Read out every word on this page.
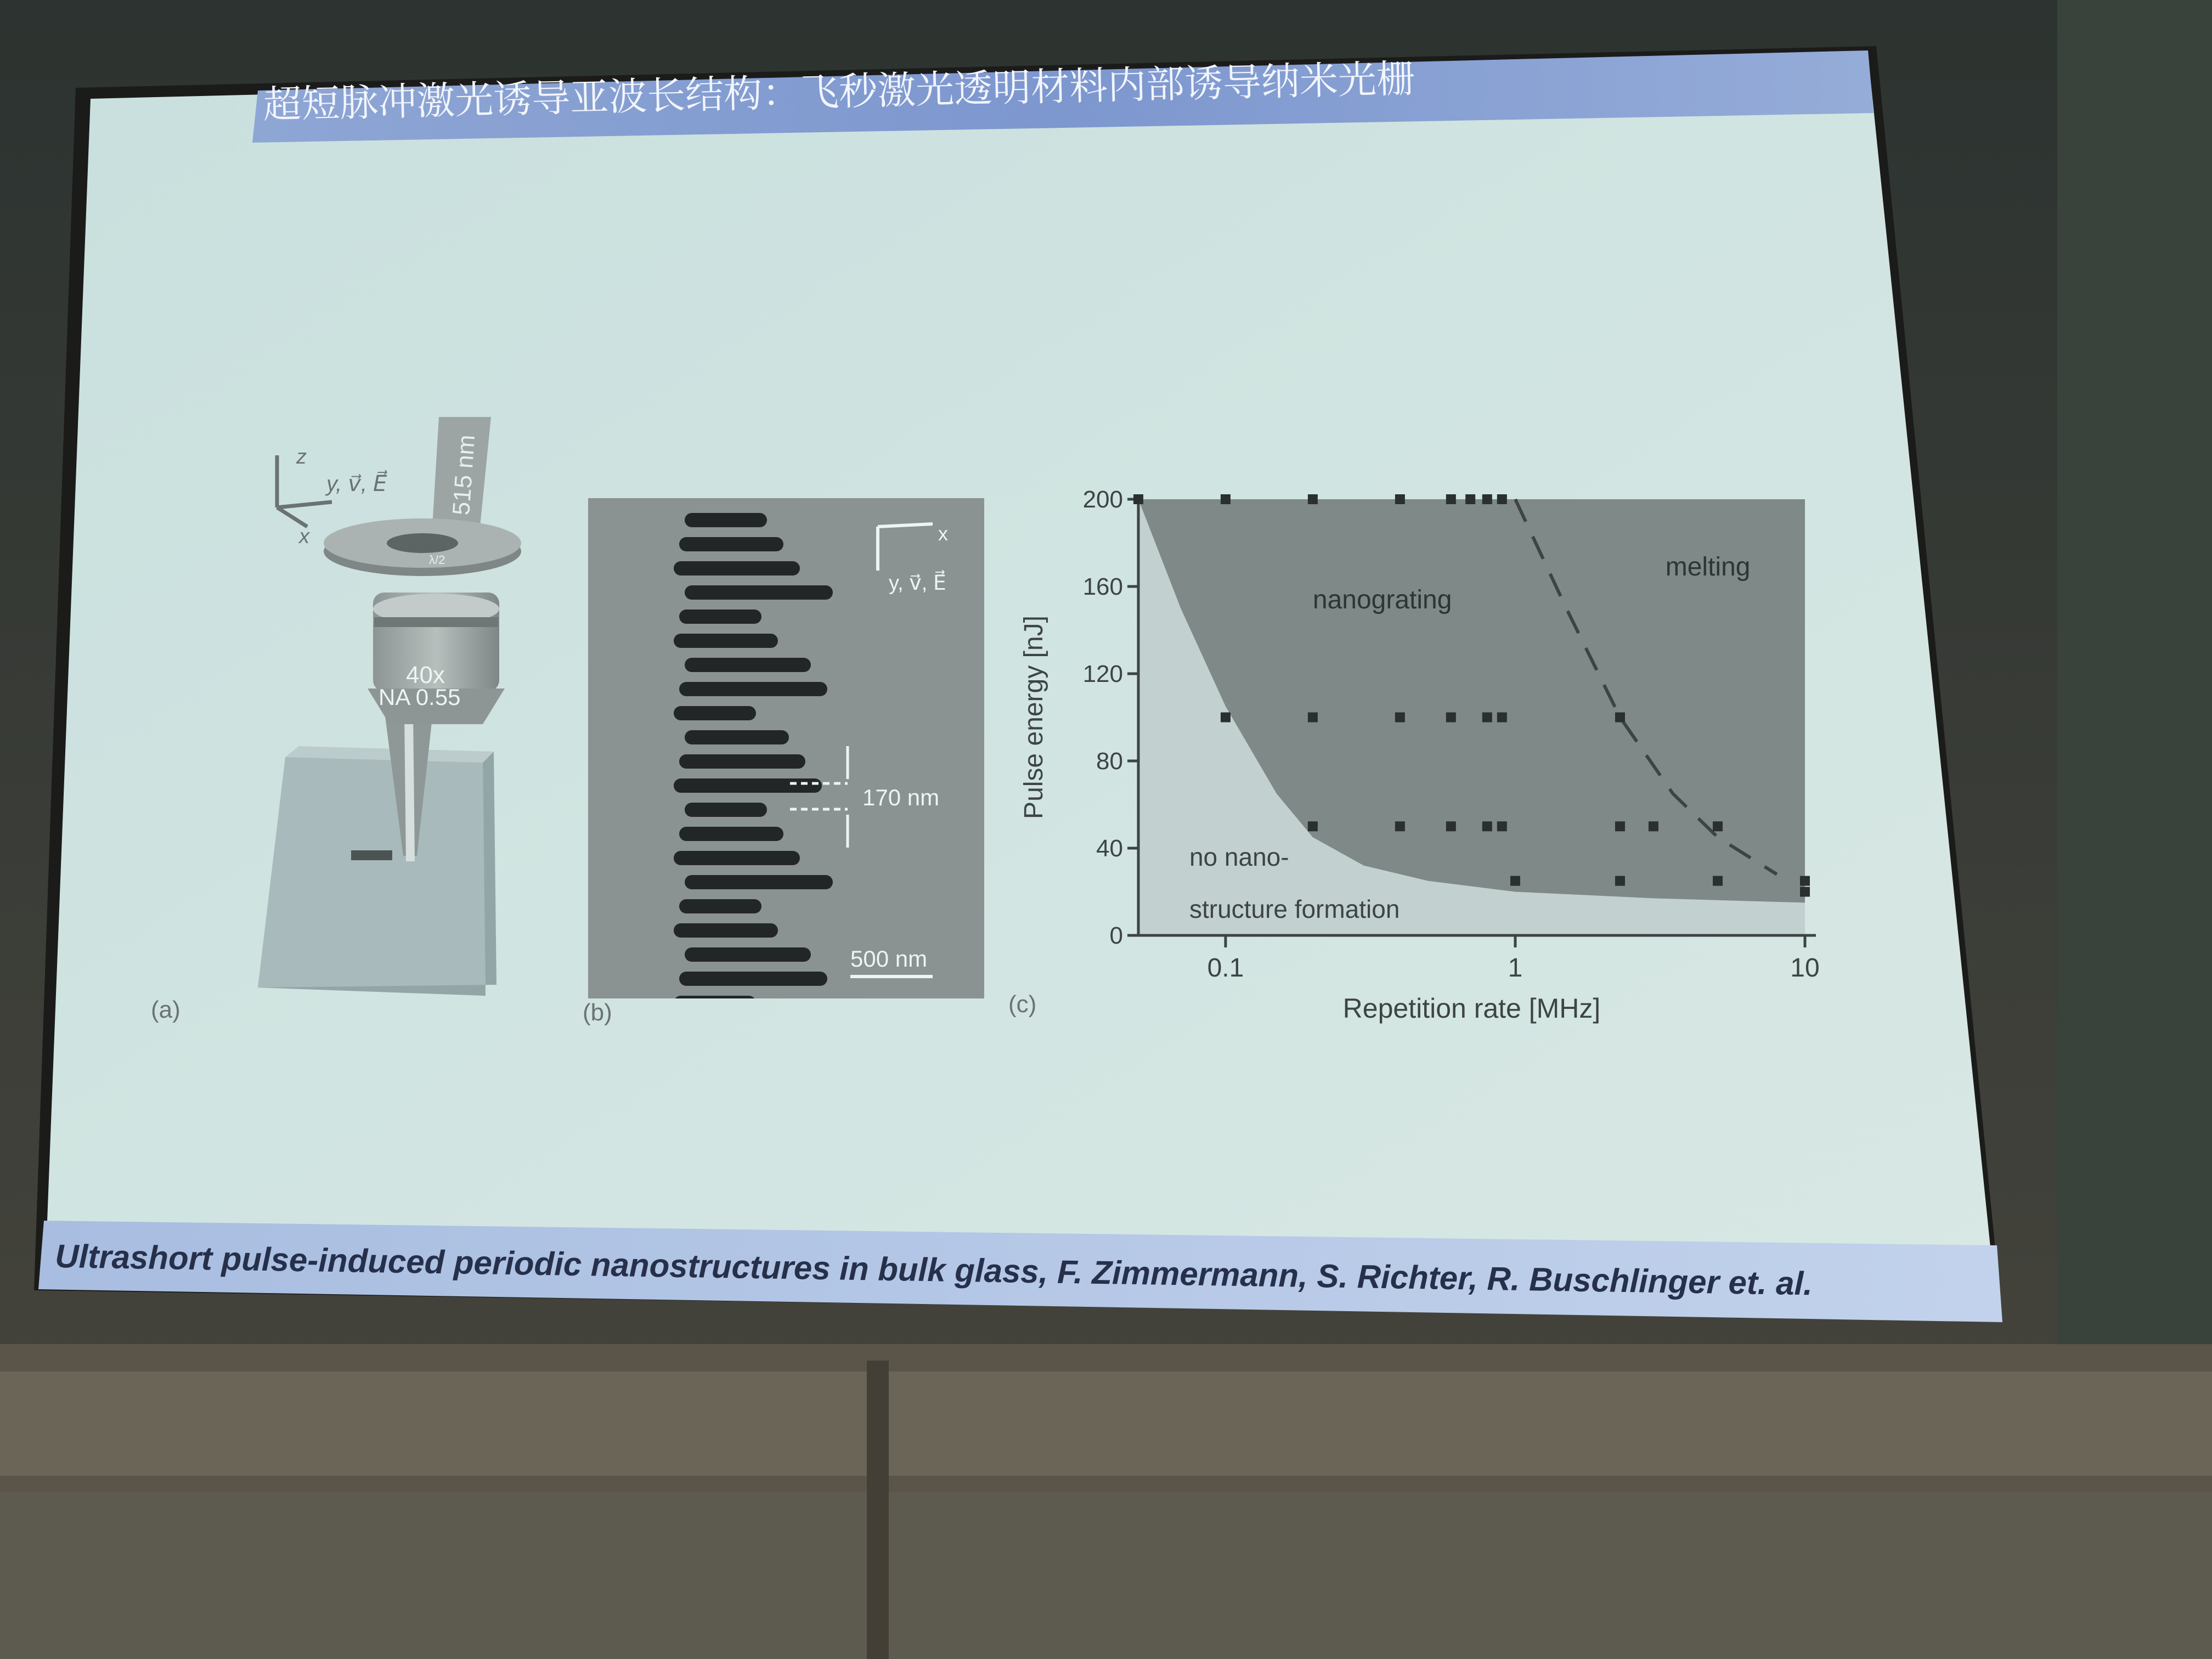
超短脉冲激光诱导亚波长结构：飞秒激光透明材料内部诱导纳米光栅
Ultrashort pulse-induced periodic nanostructures in bulk glass, F. Zimmermann, S. Richter, R. Buschlinger et. al.
z
x
y, v⃗, E⃗	515 nm
λ/2
40x
NA 0.55
(a)
x
y, v⃗, E⃗
170 nm
500 nm
(b)	(c)
0
40
80
120
160
200
0.1	1	10
Repetition rate [MHz]
Pulse energy [nJ]
no nano-
structure formation
nanograting
melting
